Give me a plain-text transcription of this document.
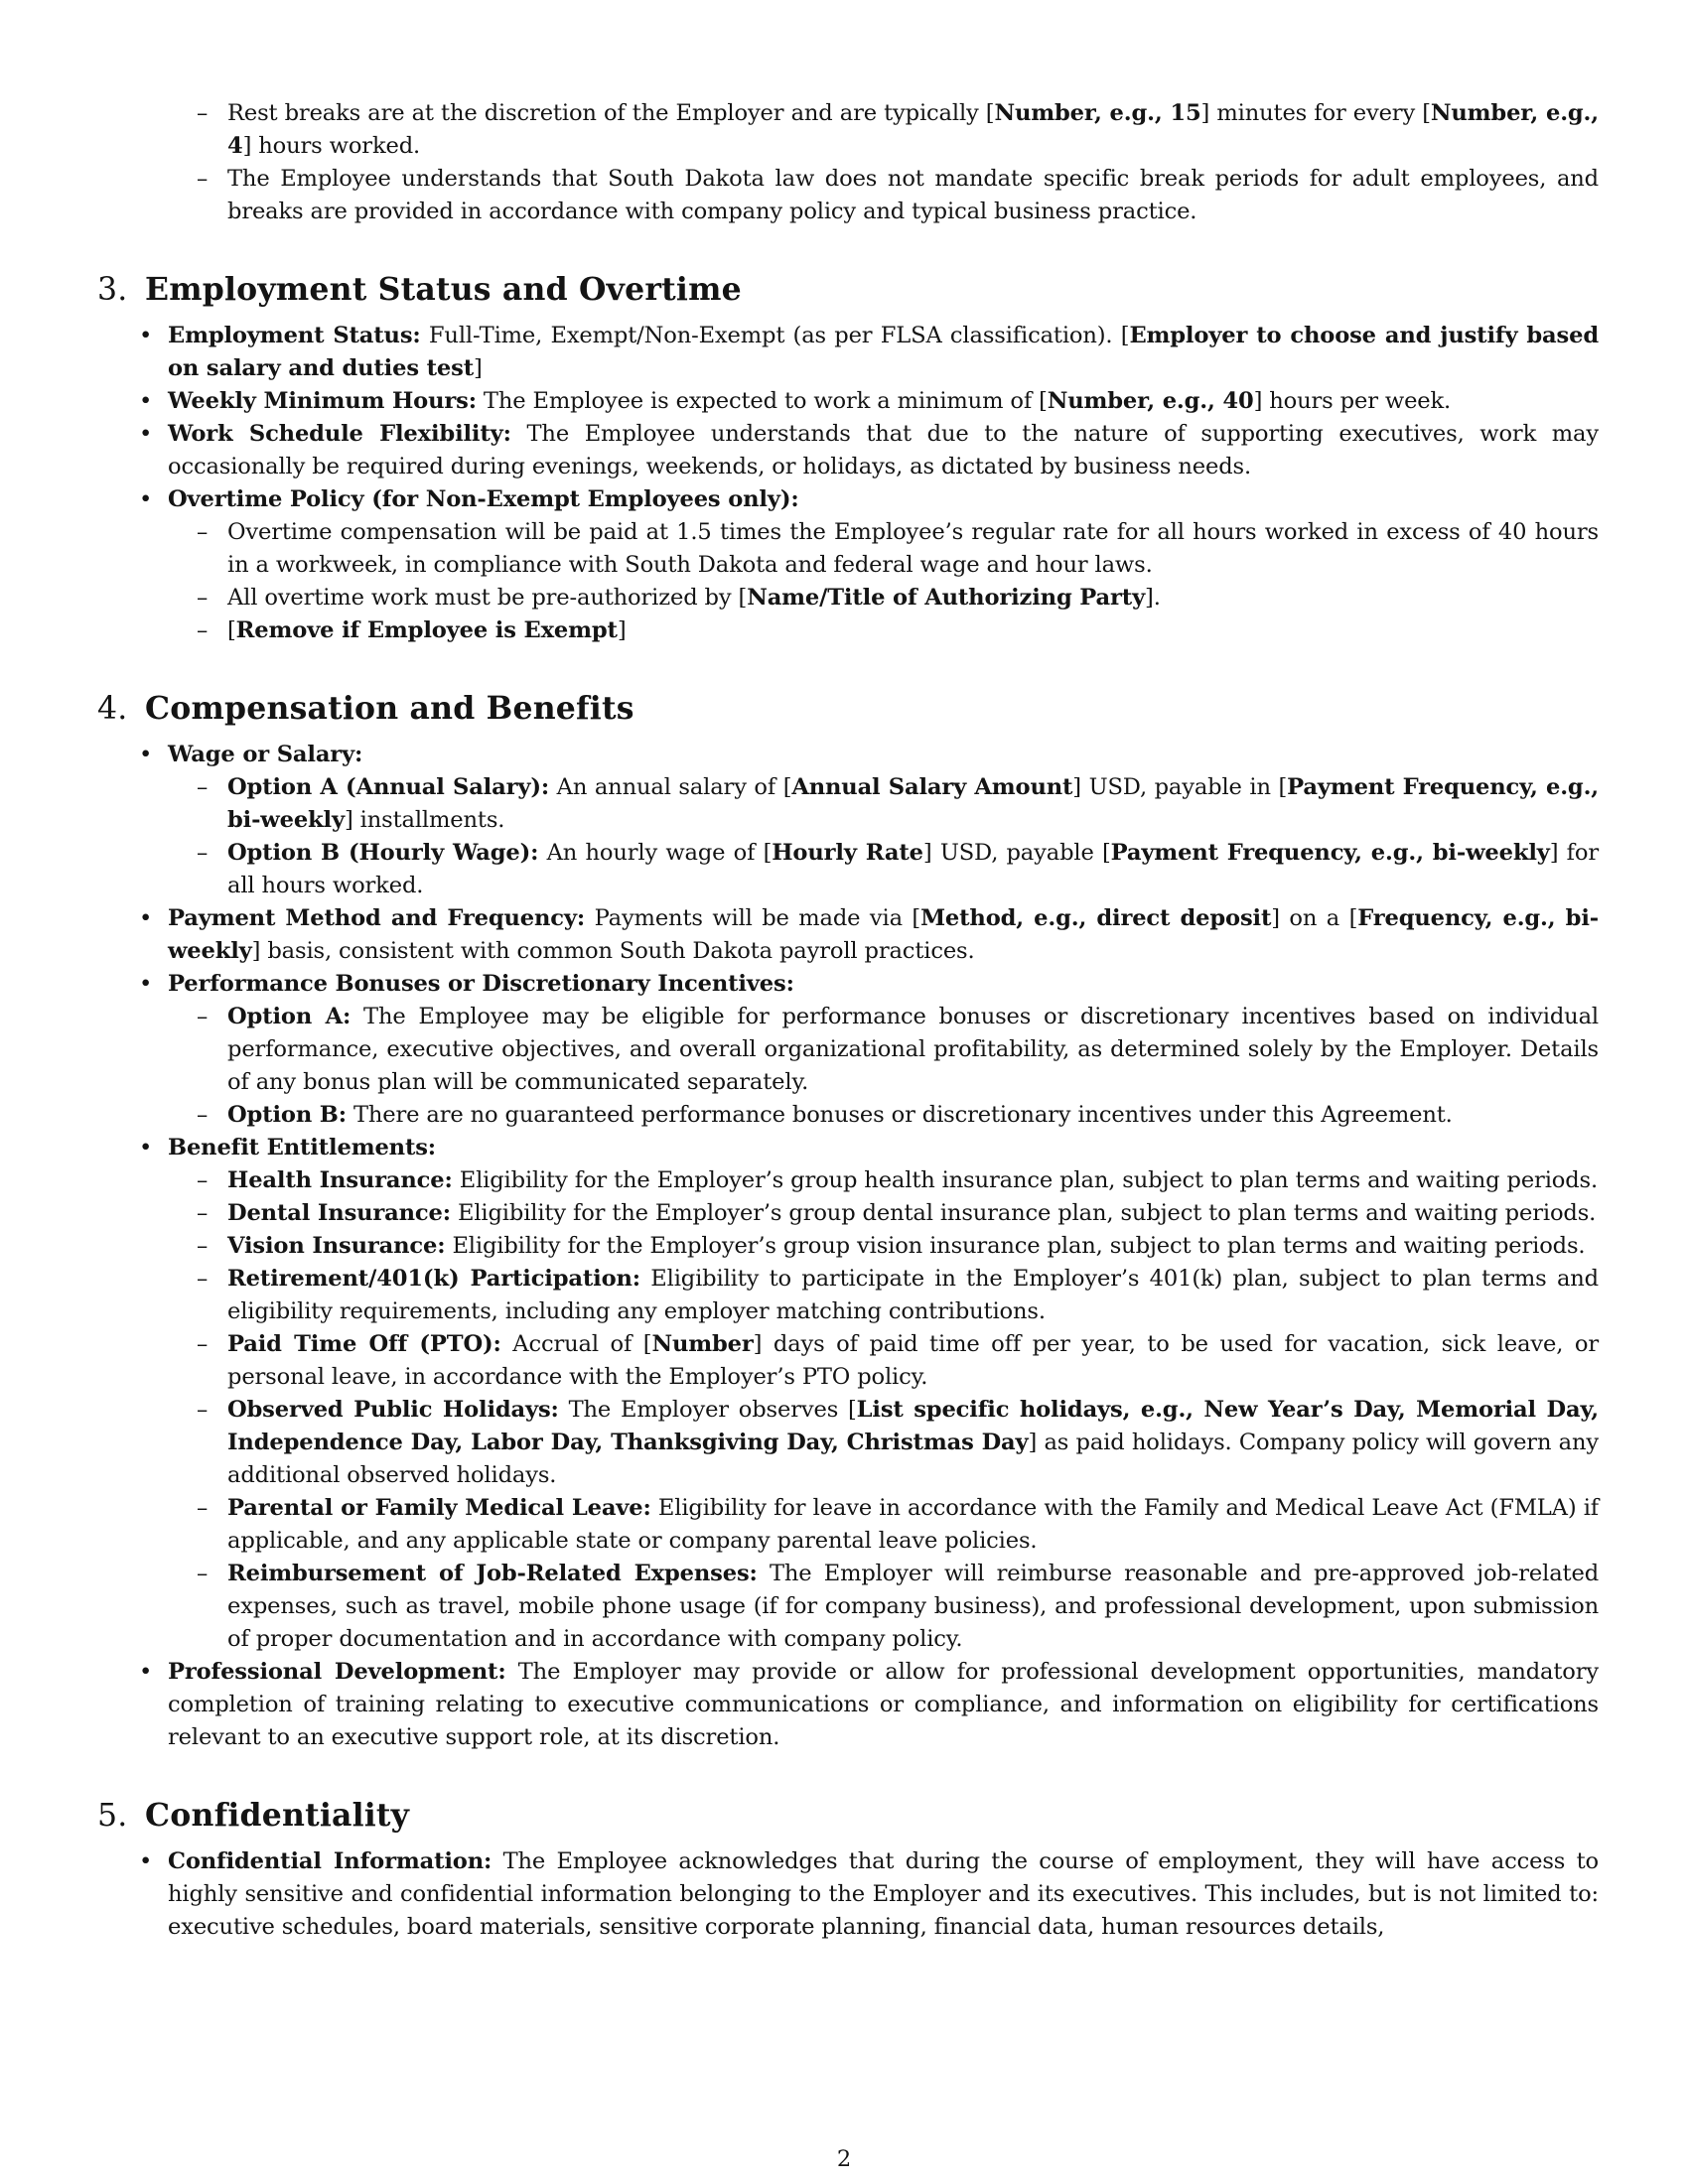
– Rest breaks are at the discretion of the Employer and are typically [Number, e.g., 15] minutes for every [Number, e.g., 4] hours worked.

– The Employee understands that South Dakota law does not mandate specific break periods for adult employees, and breaks are provided in accordance with company policy and typical business practice.

3. Employment Status and Overtime

• Employment Status: Full-Time, Exempt/Non-Exempt (as per FLSA classification). [Employer to choose and justify based on salary and duties test]

• Weekly Minimum Hours: The Employee is expected to work a minimum of [Number, e.g., 40] hours per week.

• Work Schedule Flexibility: The Employee understands that due to the nature of supporting executives, work may occasionally be required during evenings, weekends, or holidays, as dictated by business needs.

• Overtime Policy (for Non-Exempt Employees only):

– Overtime compensation will be paid at 1.5 times the Employee’s regular rate for all hours worked in excess of 40 hours in a workweek, in compliance with South Dakota and federal wage and hour laws.

– All overtime work must be pre-authorized by [Name/Title of Authorizing Party].

– [Remove if Employee is Exempt]

4. Compensation and Benefits

• Wage or Salary:

– Option A (Annual Salary): An annual salary of [Annual Salary Amount] USD, payable in [Payment Frequency, e.g., bi-weekly] installments.

– Option B (Hourly Wage): An hourly wage of [Hourly Rate] USD, payable [Payment Frequency, e.g., bi-weekly] for all hours worked.

• Payment Method and Frequency: Payments will be made via [Method, e.g., direct deposit] on a [Frequency, e.g., bi-weekly] basis, consistent with common South Dakota payroll practices.

• Performance Bonuses or Discretionary Incentives:

– Option A: The Employee may be eligible for performance bonuses or discretionary incentives based on individual performance, executive objectives, and overall organizational profitability, as determined solely by the Employer. Details of any bonus plan will be communicated separately.

– Option B: There are no guaranteed performance bonuses or discretionary incentives under this Agreement.

• Benefit Entitlements:

– Health Insurance: Eligibility for the Employer’s group health insurance plan, subject to plan terms and waiting periods.

– Dental Insurance: Eligibility for the Employer’s group dental insurance plan, subject to plan terms and waiting periods.

– Vision Insurance: Eligibility for the Employer’s group vision insurance plan, subject to plan terms and waiting periods.

– Retirement/401(k) Participation: Eligibility to participate in the Employer’s 401(k) plan, subject to plan terms and eligibility requirements, including any employer matching contributions.

– Paid Time Off (PTO): Accrual of [Number] days of paid time off per year, to be used for vacation, sick leave, or personal leave, in accordance with the Employer’s PTO policy.

– Observed Public Holidays: The Employer observes [List specific holidays, e.g., New Year’s Day, Memorial Day, Independence Day, Labor Day, Thanksgiving Day, Christmas Day] as paid holidays. Company policy will govern any additional observed holidays.

– Parental or Family Medical Leave: Eligibility for leave in accordance with the Family and Medical Leave Act (FMLA) if applicable, and any applicable state or company parental leave policies.

– Reimbursement of Job-Related Expenses: The Employer will reimburse reasonable and pre-approved job-related expenses, such as travel, mobile phone usage (if for company business), and professional development, upon submission of proper documentation and in accordance with company policy.

• Professional Development: The Employer may provide or allow for professional development opportunities, mandatory completion of training relating to executive communications or compliance, and information on eligibility for certifications relevant to an executive support role, at its discretion.

5. Confidentiality

• Confidential Information: The Employee acknowledges that during the course of employment, they will have access to highly sensitive and confidential information belonging to the Employer and its executives. This includes, but is not limited to: executive schedules, board materials, sensitive corporate planning, financial data, human resources details,

2
